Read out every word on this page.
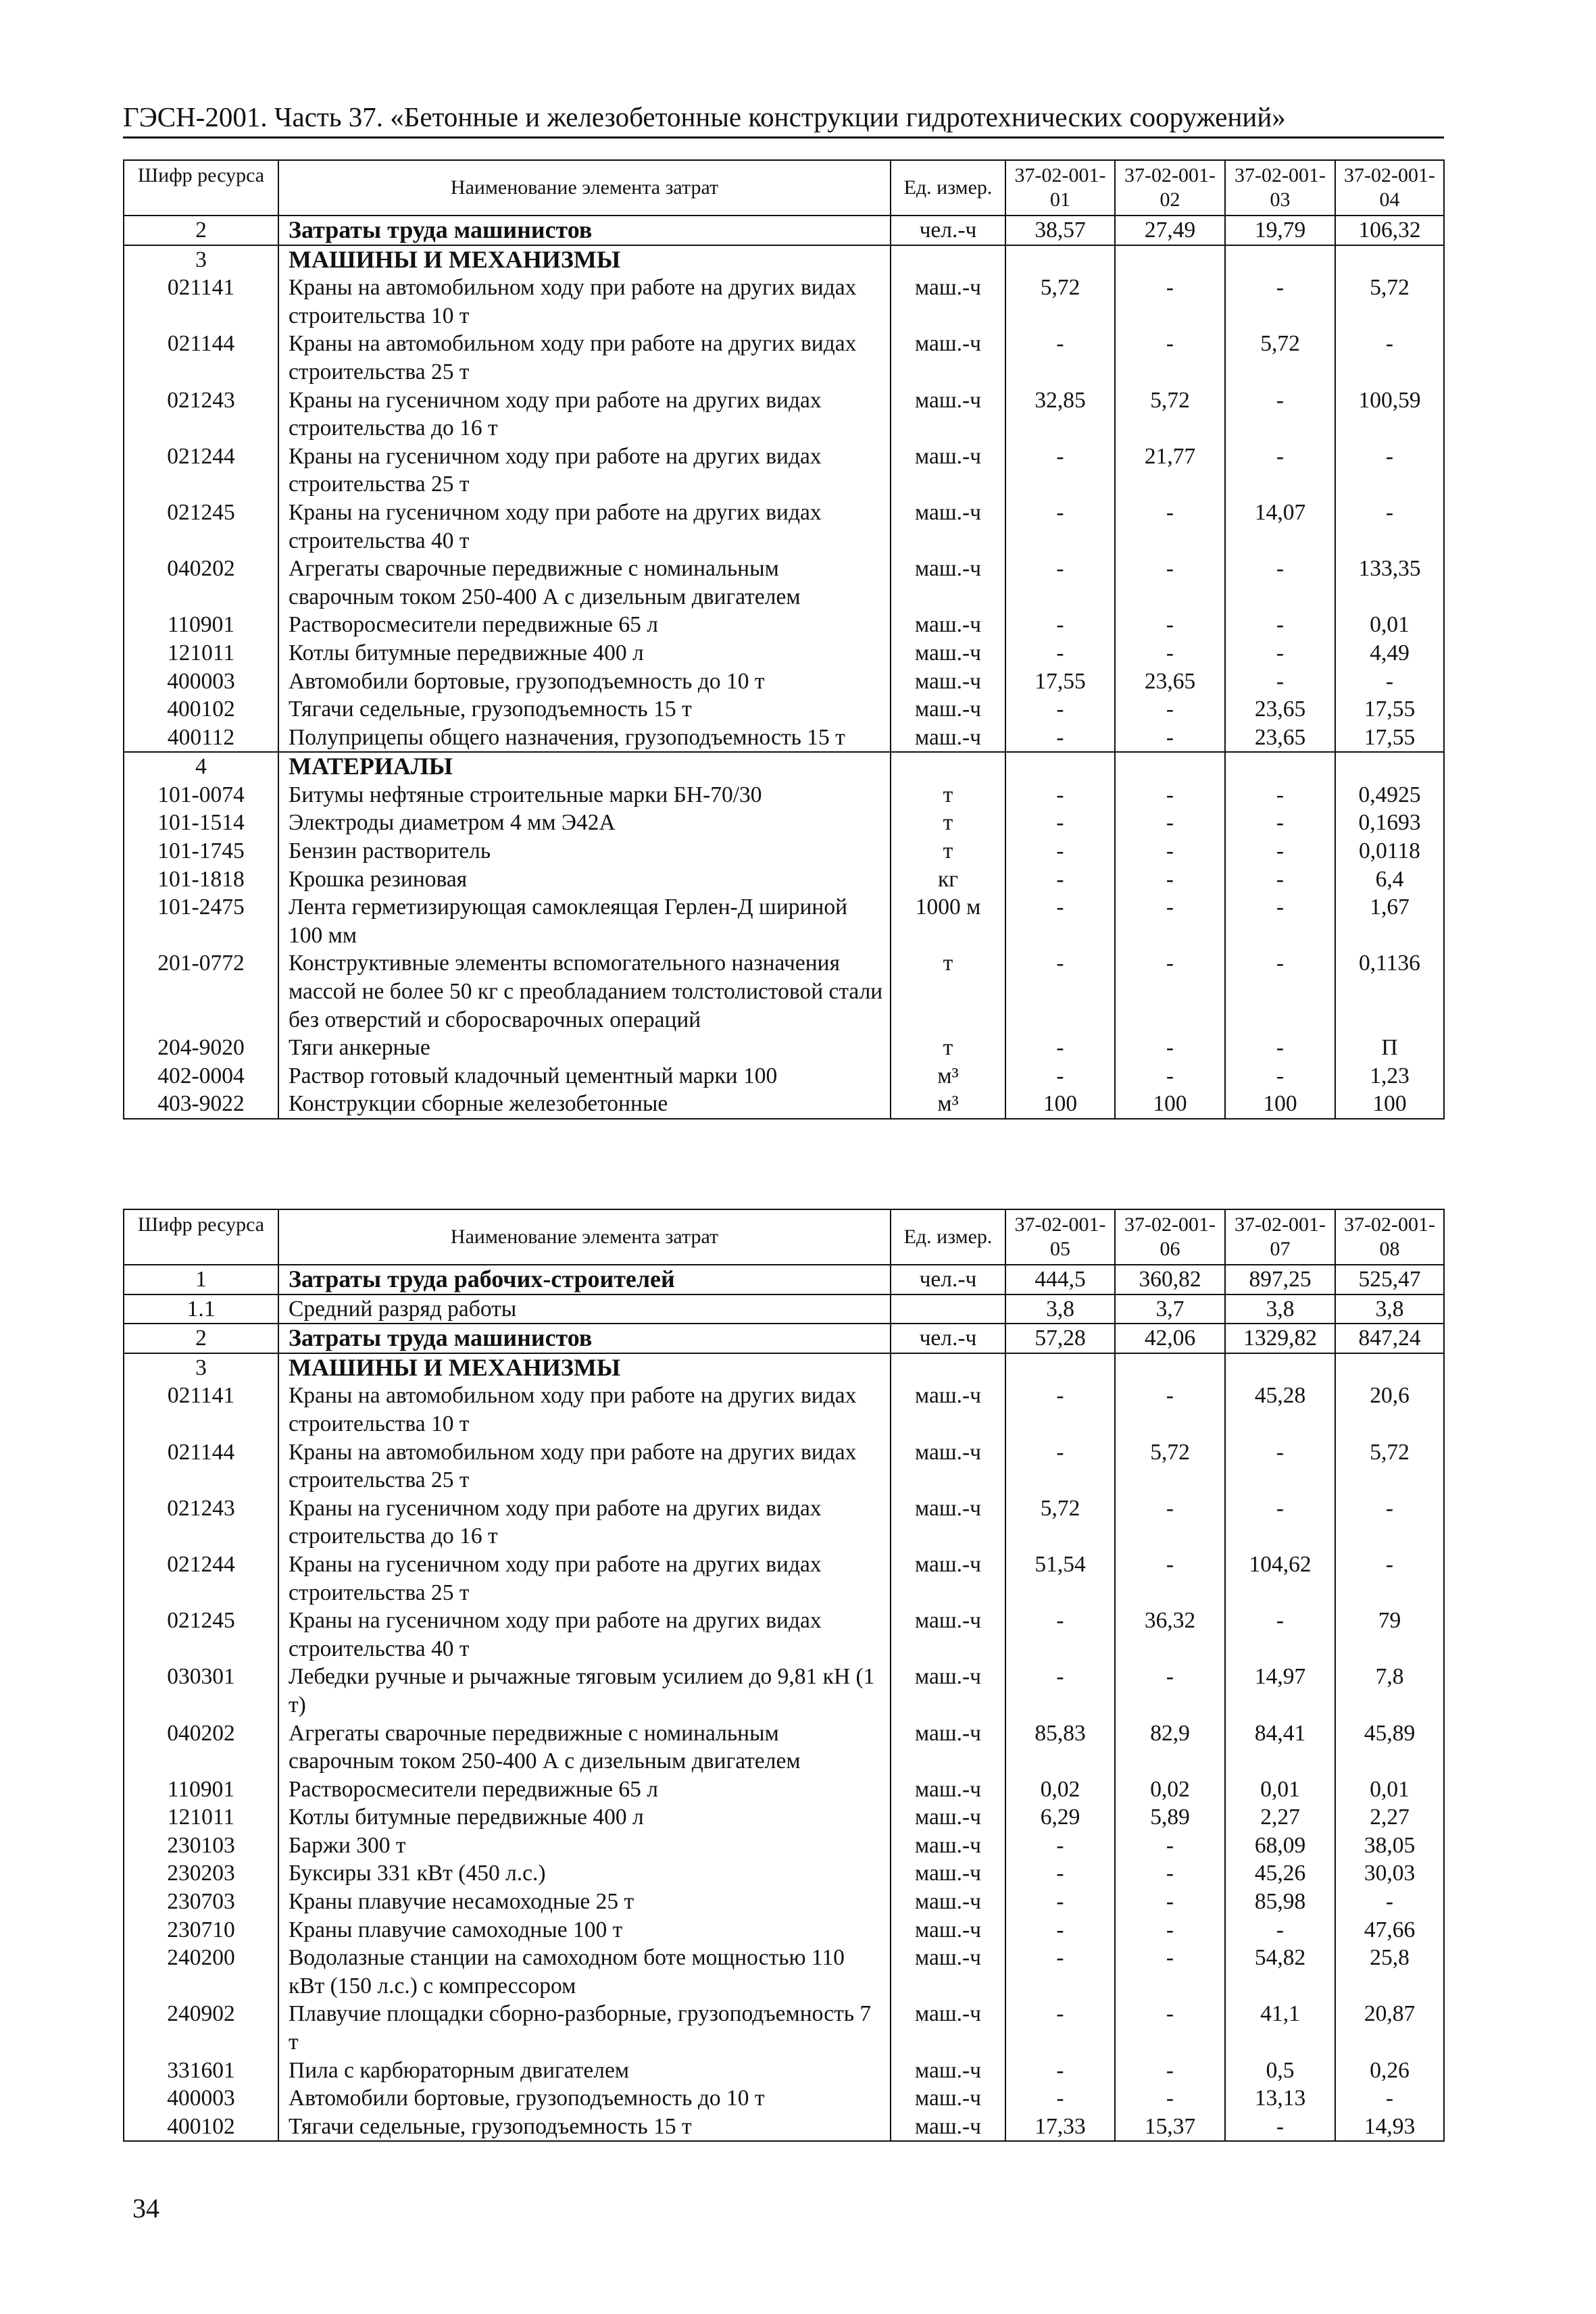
ГЭСН-2001. Часть 37. «Бетонные и железобетонные конструкции гидротехнических сооружений»
Шифр ресурса	Наименование элемента затрат	Ед. измер.	37-02-001-01	37-02-001-02	37-02-001-03	37-02-001-04
2	Затраты труда машинистов	чел.-ч	38,57	27,49	19,79	106,32
3	МАШИНЫ И МЕХАНИЗМЫ					
021141	Краны на автомобильном ходу при работе на других видах строительства 10 т	маш.-ч	5,72	-	-	5,72
021144	Краны на автомобильном ходу при работе на других видах строительства 25 т	маш.-ч	-	-	5,72	-
021243	Краны на гусеничном ходу при работе на других видах строительства до 16 т	маш.-ч	32,85	5,72	-	100,59
021244	Краны на гусеничном ходу при работе на других видах строительства 25 т	маш.-ч	-	21,77	-	-
021245	Краны на гусеничном ходу при работе на других видах строительства 40 т	маш.-ч	-	-	14,07	-
040202	Агрегаты сварочные передвижные с номинальным сварочным током 250-400 А с дизельным двигателем	маш.-ч	-	-	-	133,35
110901	Растворосмесители передвижные 65 л	маш.-ч	-	-	-	0,01
121011	Котлы битумные передвижные 400 л	маш.-ч	-	-	-	4,49
400003	Автомобили бортовые, грузоподъемность до 10 т	маш.-ч	17,55	23,65	-	-
400102	Тягачи седельные, грузоподъемность 15 т	маш.-ч	-	-	23,65	17,55
400112	Полуприцепы общего назначения, грузоподъемность 15 т	маш.-ч	-	-	23,65	17,55
4	МАТЕРИАЛЫ					
101-0074	Битумы нефтяные строительные марки БН-70/30	т	-	-	-	0,4925
101-1514	Электроды диаметром 4 мм Э42А	т	-	-	-	0,1693
101-1745	Бензин растворитель	т	-	-	-	0,0118
101-1818	Крошка резиновая	кг	-	-	-	6,4
101-2475	Лента герметизирующая самоклеящая Герлен-Д шириной 100 мм	1000 м	-	-	-	1,67
201-0772	Конструктивные элементы вспомогательного назначения массой не более 50 кг с преобладанием толстолистовой стали без отверстий и сборосварочных операций	т	-	-	-	0,1136
204-9020	Тяги анкерные	т	-	-	-	П
402-0004	Раствор готовый кладочный цементный марки 100	м³	-	-	-	1,23
403-9022	Конструкции сборные железобетонные	м³	100	100	100	100
Шифр ресурса	Наименование элемента затрат	Ед. измер.	37-02-001-05	37-02-001-06	37-02-001-07	37-02-001-08
1	Затраты труда рабочих-строителей	чел.-ч	444,5	360,82	897,25	525,47
1.1	Средний разряд работы		3,8	3,7	3,8	3,8
2	Затраты труда машинистов	чел.-ч	57,28	42,06	1329,82	847,24
3	МАШИНЫ И МЕХАНИЗМЫ					
021141	Краны на автомобильном ходу при работе на других видах строительства 10 т	маш.-ч	-	-	45,28	20,6
021144	Краны на автомобильном ходу при работе на других видах строительства 25 т	маш.-ч	-	5,72	-	5,72
021243	Краны на гусеничном ходу при работе на других видах строительства до 16 т	маш.-ч	5,72	-	-	-
021244	Краны на гусеничном ходу при работе на других видах строительства 25 т	маш.-ч	51,54	-	104,62	-
021245	Краны на гусеничном ходу при работе на других видах строительства 40 т	маш.-ч	-	36,32	-	79
030301	Лебедки ручные и рычажные тяговым усилием до 9,81 кН (1 т)	маш.-ч	-	-	14,97	7,8
040202	Агрегаты сварочные передвижные с номинальным сварочным током 250-400 А с дизельным двигателем	маш.-ч	85,83	82,9	84,41	45,89
110901	Растворосмесители передвижные 65 л	маш.-ч	0,02	0,02	0,01	0,01
121011	Котлы битумные передвижные 400 л	маш.-ч	6,29	5,89	2,27	2,27
230103	Баржи 300 т	маш.-ч	-	-	68,09	38,05
230203	Буксиры 331 кВт (450 л.с.)	маш.-ч	-	-	45,26	30,03
230703	Краны плавучие несамоходные 25 т	маш.-ч	-	-	85,98	-
230710	Краны плавучие самоходные 100 т	маш.-ч	-	-	-	47,66
240200	Водолазные станции на самоходном боте мощностью 110 кВт (150 л.с.) с компрессором	маш.-ч	-	-	54,82	25,8
240902	Плавучие площадки сборно-разборные, грузоподъемность 7 т	маш.-ч	-	-	41,1	20,87
331601	Пила с карбюраторным двигателем	маш.-ч	-	-	0,5	0,26
400003	Автомобили бортовые, грузоподъемность до 10 т	маш.-ч	-	-	13,13	-
400102	Тягачи седельные, грузоподъемность 15 т	маш.-ч	17,33	15,37	-	14,93
34
